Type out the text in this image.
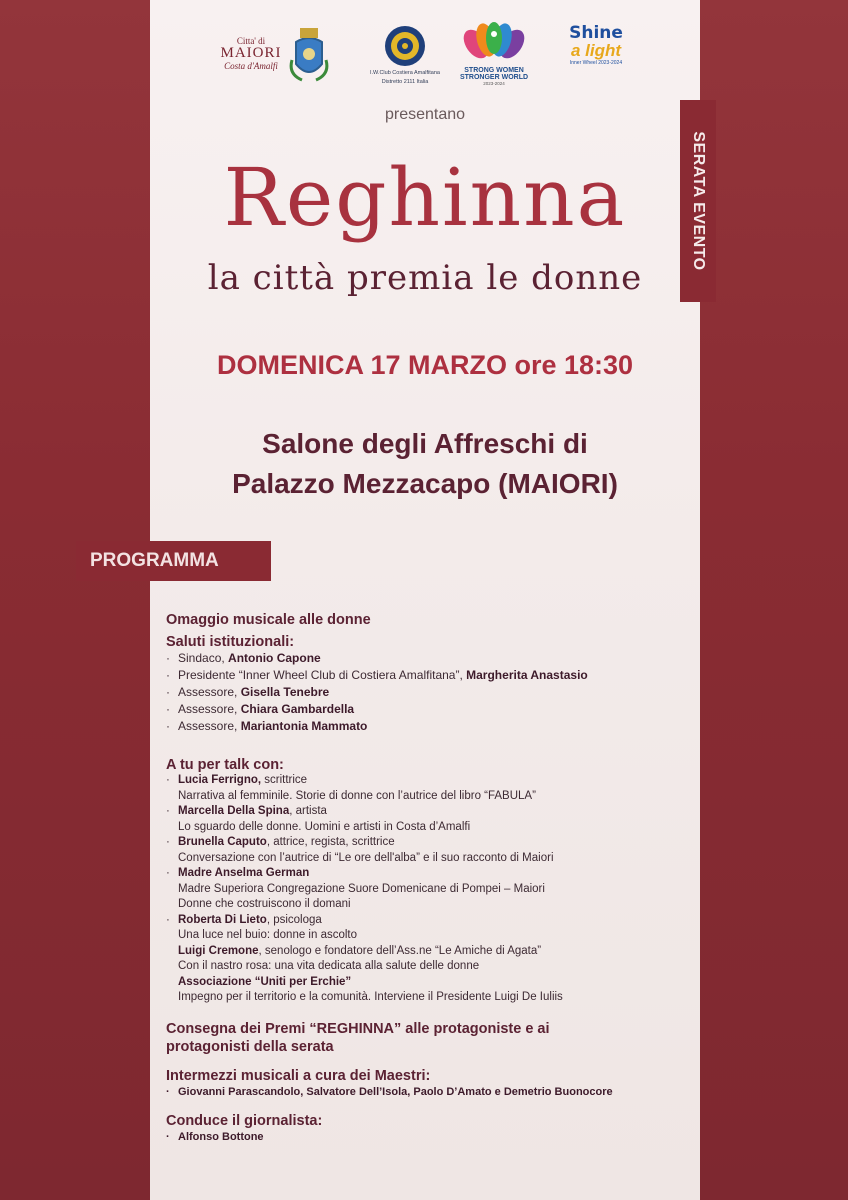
Citta' di
MAIORI
Costa d'Amalfi
I.W.Club Costiera Amalfitana
Distretto 2111 Italia
STRONG WOMEN
STRONGER WORLD
2023-2024
Shine
a light
Inner Wheel 2023-2024
presentano
Reghinna
la città premia le donne
SERATA EVENTO
DOMENICA 17 MARZO ore 18:30
Salone degli Affreschi di
Palazzo Mezzacapo (MAIORI)
PROGRAMMA
Omaggio musicale alle donne
Saluti istituzionali:
· Sindaco, Antonio Capone
· Presidente “Inner Wheel Club di Costiera Amalfitana”, Margherita Anastasio
· Assessore, Gisella Tenebre
· Assessore, Chiara Gambardella
· Assessore, Mariantonia Mammato
A tu per talk con:
· Lucia Ferrigno, scrittrice
Narrativa al femminile. Storie di donne con l’autrice del libro “FABULA”
· Marcella Della Spina, artista
Lo sguardo delle donne. Uomini e artisti in Costa d’Amalfi
· Brunella Caputo, attrice, regista, scrittrice
Conversazione con l’autrice di “Le ore dell'alba” e il suo racconto di Maiori
· Madre Anselma German
Madre Superiora Congregazione Suore Domenicane di Pompei – Maiori
Donne che costruiscono il domani
· Roberta Di Lieto, psicologa
Una luce nel buio: donne in ascolto
Luigi Cremone, senologo e fondatore dell’Ass.ne “Le Amiche di Agata”
Con il nastro rosa: una vita dedicata alla salute delle donne
Associazione “Uniti per Erchie”
Impegno per il territorio e la comunità. Interviene il Presidente Luigi De Iuliis
Consegna dei Premi “REGHINNA” alle protagoniste e ai protagonisti della serata
Intermezzi musicali a cura dei Maestri:
· Giovanni Parascandolo, Salvatore Dell’Isola, Paolo D’Amato e Demetrio Buonocore
Conduce il giornalista:
· Alfonso Bottone
